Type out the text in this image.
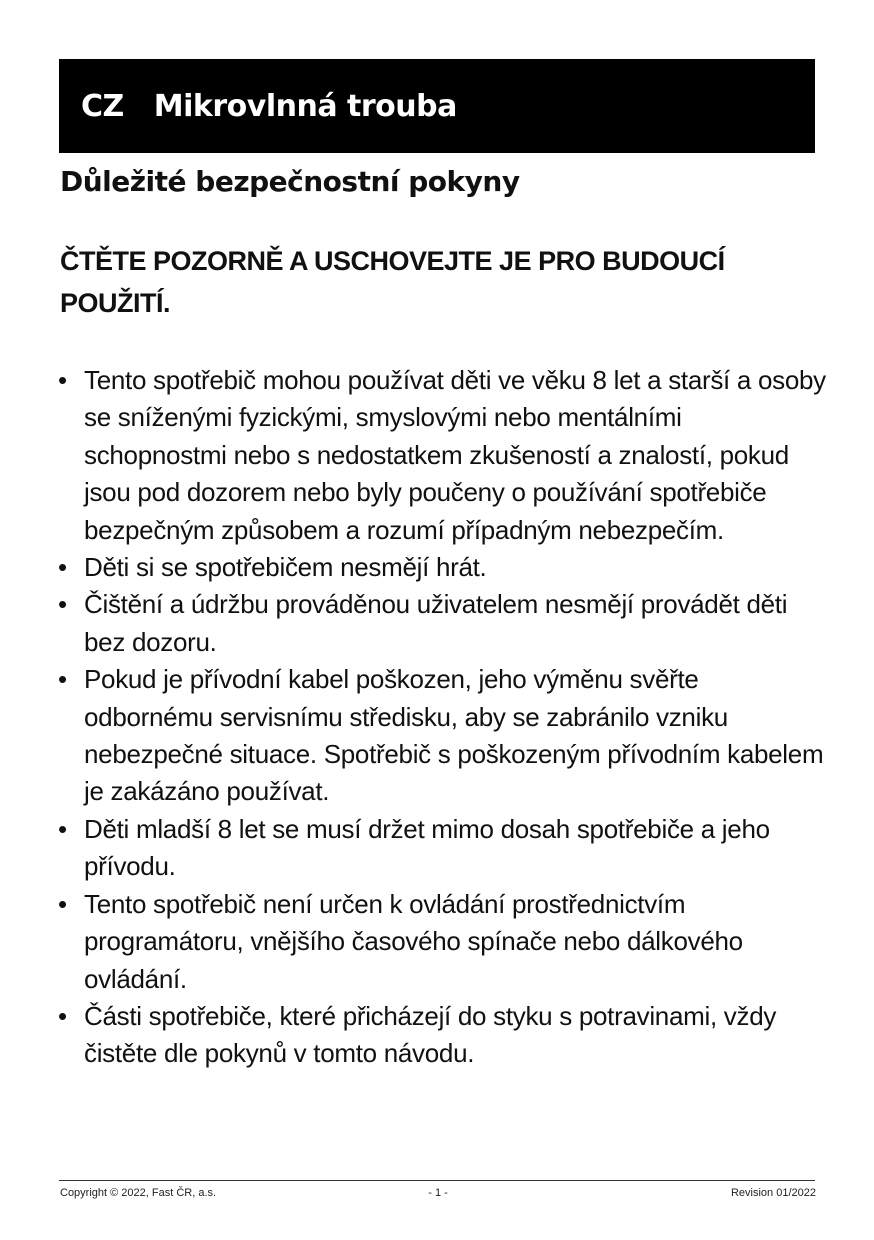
CZ Mikrovlnná trouba
Důležité bezpečnostní pokyny

ČTĚTE POZORNĚ A USCHOVEJTE JE PRO BUDOUCÍ POUŽITÍ.

• Tento spotřebič mohou používat děti ve věku 8 let a starší a osoby se sníženými fyzickými, smyslovými nebo mentálními schopnostmi nebo s nedostatkem zkušeností a znalostí, pokud jsou pod dozorem nebo byly poučeny o používání spotřebiče bezpečným způsobem a rozumí případným nebezpečím.
• Děti si se spotřebičem nesmějí hrát.
• Čištění a údržbu prováděnou uživatelem nesmějí provádět děti bez dozoru.
• Pokud je přívodní kabel poškozen, jeho výměnu svěřte odbornému servisnímu středisku, aby se zabránilo vzniku nebezpečné situace. Spotřebič s poškozeným přívodním kabelem je zakázáno používat.
• Děti mladší 8 let se musí držet mimo dosah spotřebiče a jeho přívodu.
• Tento spotřebič není určen k ovládání prostřednictvím programátoru, vnějšího časového spínače nebo dálkového ovládání.
• Části spotřebiče, které přicházejí do styku s potravinami, vždy čistěte dle pokynů v tomto návodu.
Copyright © 2022, Fast ČR, a.s.	- 1 -	Revision 01/2022
